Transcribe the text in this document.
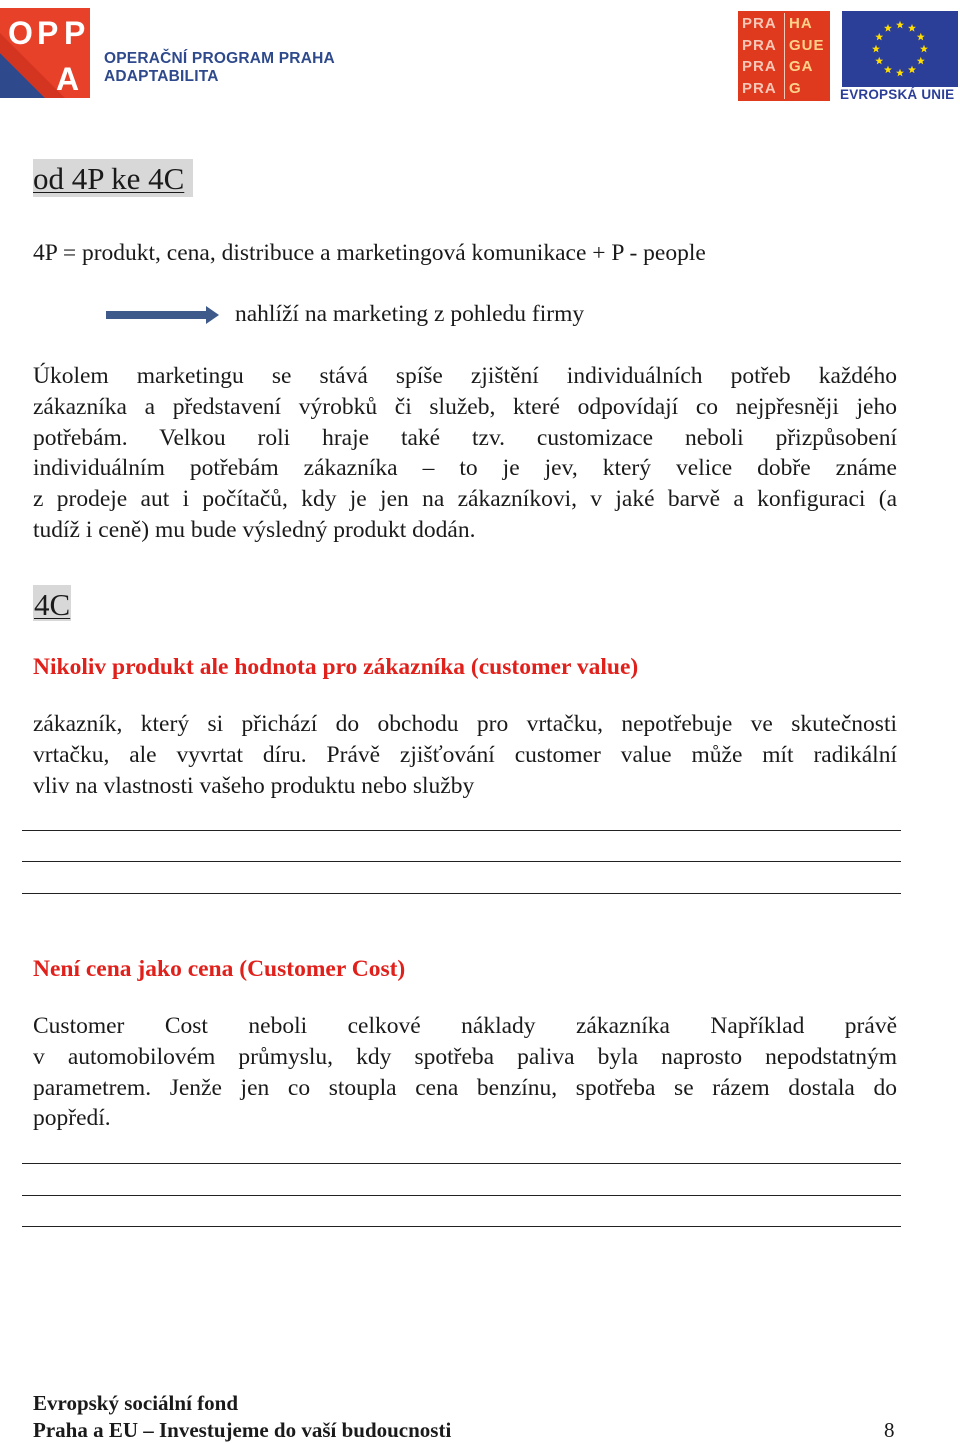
O P P
A
OPERAČNÍ PROGRAM PRAHA
ADAPTABILITA
PRA HA
PRA GUE
PRA GA
PRA G	EVROPSKÁ UNIE
od 4P ke 4C
4P = produkt, cena, distribuce a marketingová komunikace + P - people
nahlíží na marketing z pohledu firmy
Úkolem marketingu se stává spíše zjištění individuálních potřeb každého
zákazníka a představení výrobků či služeb, které odpovídají co nejpřesněji jeho
potřebám. Velkou roli hraje také tzv. customizace neboli přizpůsobení
individuálním potřebám zákazníka – to je jev, který velice dobře známe
z prodeje aut i počítačů, kdy je jen na zákazníkovi, v jaké barvě a konfiguraci (a
tudíž i ceně) mu bude výsledný produkt dodán.
4C
Nikoliv produkt ale hodnota pro zákazníka (customer value)
zákazník, který si přichází do obchodu pro vrtačku, nepotřebuje ve skutečnosti
vrtačku, ale vyvrtat díru. Právě zjišťování customer value může mít radikální
vliv na vlastnosti vašeho produktu nebo služby
Není cena jako cena (Customer Cost)
Customer Cost neboli celkové náklady zákazníka Například právě
v automobilovém průmyslu, kdy spotřeba paliva byla naprosto nepodstatným
parametrem. Jenže jen co stoupla cena benzínu, spotřeba se rázem dostala do
popředí.
Evropský sociální fond
Praha a EU – Investujeme do vaší budoucnosti	8
